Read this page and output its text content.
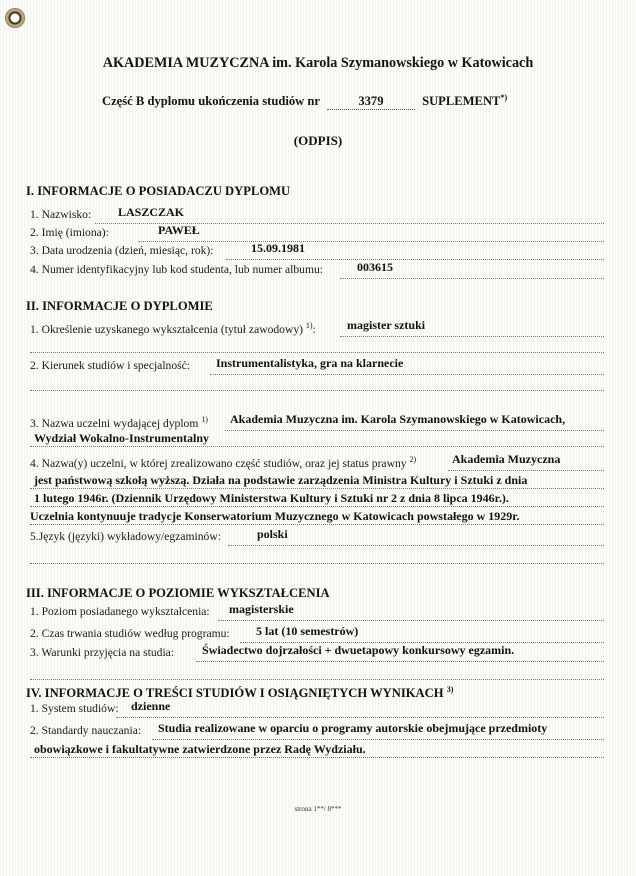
AKADEMIA MUZYCZNA im. Karola Szymanowskiego w Katowicach
Część B dyplomu ukończenia studiów nr	3379	SUPLEMENT*)
(ODPIS)
I. INFORMACJE O POSIADACZU DYPLOMU
1. Nazwisko: LASZCZAK
2. Imię (imiona):	PAWEŁ
3. Data urodzenia (dzień, miesiąc, rok):	15.09.1981
4. Numer identyfikacyjny lub kod studenta, lub numer albumu:	003615
II. INFORMACJE O DYPLOMIE
1. Określenie uzyskanego wykształcenia (tytuł zawodowy) $^{1)}$:	magister sztuki
2. Kierunek studiów i specjalność: Instrumentalistyka, gra na klarnecie
3. Nazwa uczelni wydającej dyplom $^{1)}$ Akademia Muzyczna im. Karola Szymanowskiego w Katowicach,
Wydział Wokalno-Instrumentalny
4. Nazwa(y) uczelni, w której zrealizowano część studiów, oraz jej status prawny $^{2)}$	Akademia Muzyczna
jest państwową szkołą wyższą. Działa na podstawie zarządzenia Ministra Kultury i Sztuki z dnia
1 lutego 1946r. (Dziennik Urzędowy Ministerstwa Kultury i Sztuki nr 2 z dnia 8 lipca 1946r.).
Uczelnia kontynuuje tradycje Konserwatorium Muzycznego w Katowicach powstałego w 1929r.
5.Język (języki) wykładowy/egzaminów:	polski
III. INFORMACJE O POZIOMIE WYKSZTAŁCENIA
1. Poziom posiadanego wykształcenia: magisterskie
2. Czas trwania studiów według programu: 5 lat (10 semestrów)
3. Warunki przyjęcia na studia: Świadectwo dojrzałości + dwuetapowy konkursowy egzamin.
IV. INFORMACJE O TREŚCI STUDIÓW I OSIĄGNIĘTYCH WYNIKACH $^{3)}$
1. System studiów: dzienne
2. Standardy nauczania: Studia realizowane w oparciu o programy autorskie obejmujące przedmioty
obowiązkowe i fakultatywne zatwierdzone przez Radę Wydziału.
strona 1**/ 8***
